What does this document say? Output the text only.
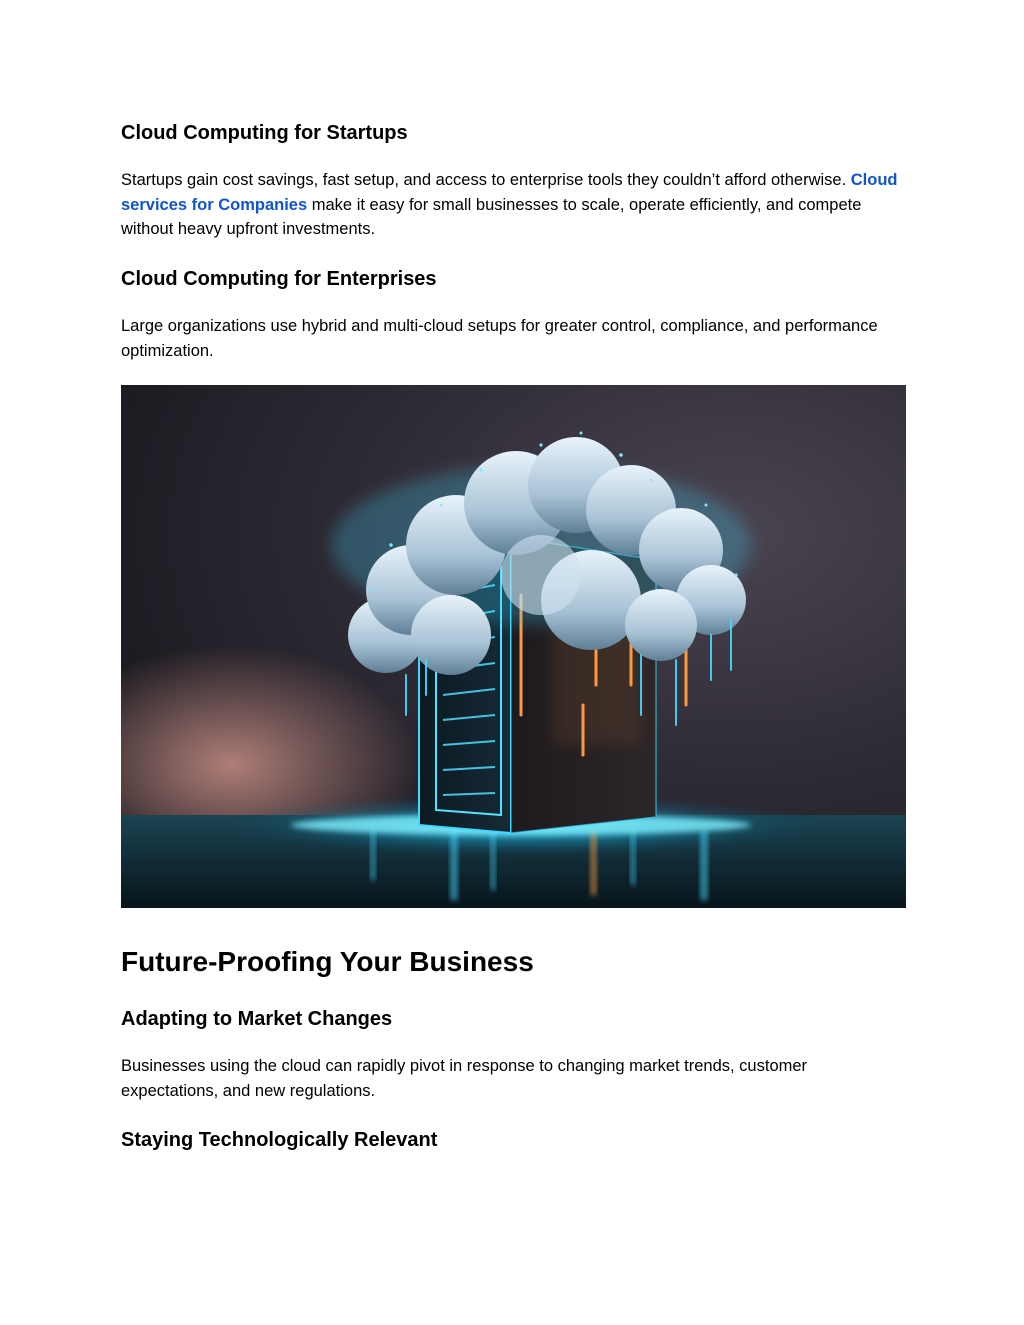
Cloud Computing for Startups

Startups gain cost savings, fast setup, and access to enterprise tools they couldn’t afford otherwise. Cloud services for Companies make it easy for small businesses to scale, operate efficiently, and compete without heavy upfront investments.

Cloud Computing for Enterprises

Large organizations use hybrid and multi-cloud setups for greater control, compliance, and performance optimization.

Future-Proofing Your Business
Adapting to Market Changes

Businesses using the cloud can rapidly pivot in response to changing market trends, customer expectations, and new regulations.

Staying Technologically Relevant
